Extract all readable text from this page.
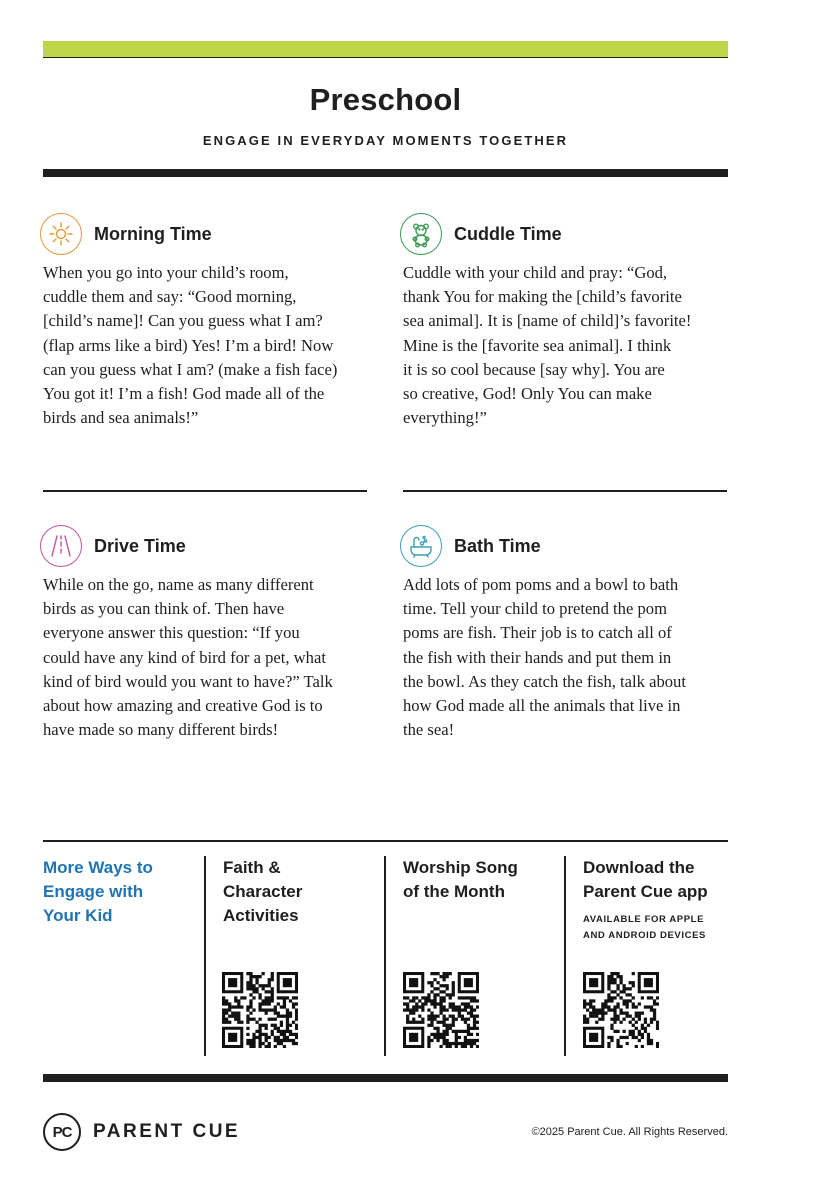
Preschool
ENGAGE IN EVERYDAY MOMENTS TOGETHER
Morning Time
When you go into your child’s room,
cuddle them and say: “Good morning,
[child’s name]! Can you guess what I am?
(flap arms like a bird) Yes! I’m a bird! Now
can you guess what I am? (make a fish face)
You got it! I’m a fish! God made all of the
birds and sea animals!”
Cuddle Time
Cuddle with your child and pray: “God,
thank You for making the [child’s favorite
sea animal]. It is [name of child]’s favorite!
Mine is the [favorite sea animal]. I think
it is so cool because [say why]. You are
so creative, God! Only You can make
everything!”
Drive Time
While on the go, name as many different
birds as you can think of. Then have
everyone answer this question: “If you
could have any kind of bird for a pet, what
kind of bird would you want to have?” Talk
about how amazing and creative God is to
have made so many different birds!
Bath Time
Add lots of pom poms and a bowl to bath
time. Tell your child to pretend the pom
poms are fish. Their job is to catch all of
the fish with their hands and put them in
the bowl. As they catch the fish, talk about
how God made all the animals that live in
the sea!
More Ways to
Engage with
Your Kid
Faith &
Character
Activities
Worship Song
of the Month
Download the
Parent Cue app
AVAILABLE FOR APPLE
AND ANDROID DEVICES
PC	PARENT CUE	©2025 Parent Cue. All Rights Reserved.
